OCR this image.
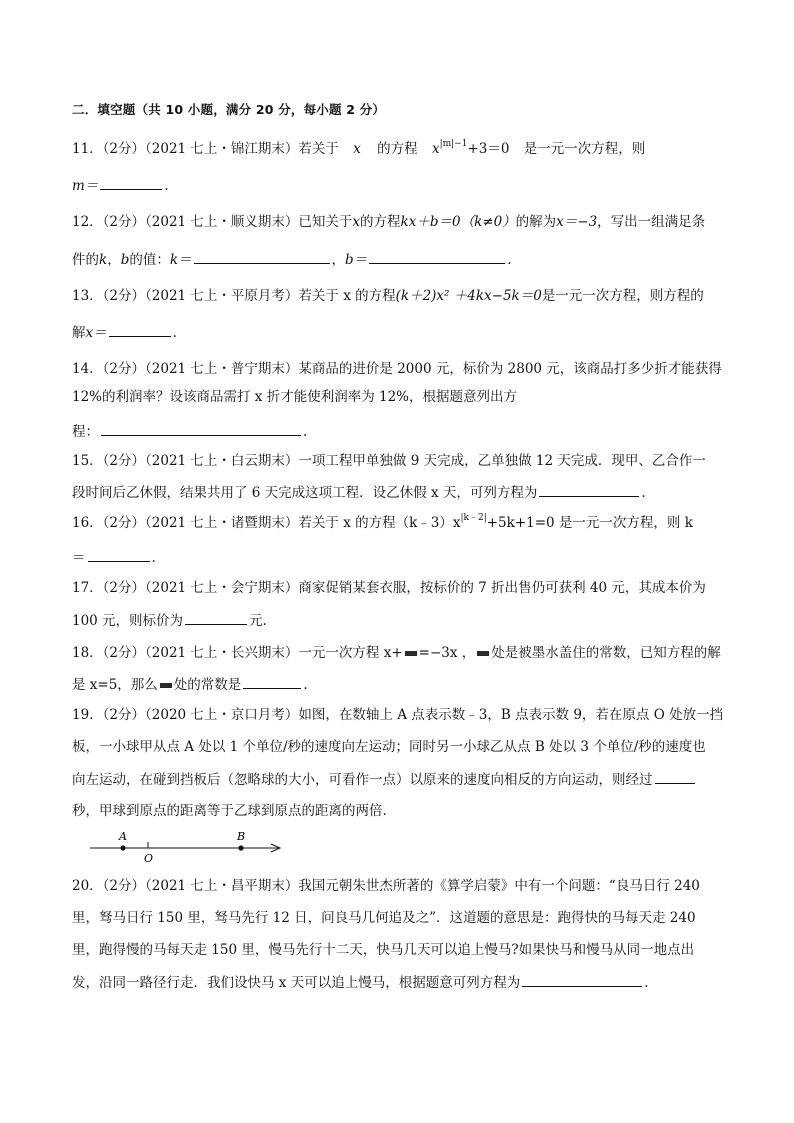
二．填空题（共 10 小题，满分 20 分，每小题 2 分）
11．（2分）（2021 七上・锦江期末）若关于 x 的方程 $x^{|m|-1}+3=0$ 是一元一次方程，则
m＝	.
12．（2分）（2021 七上・顺义期末）已知关于x的方程kx＋b＝0（k≠0）的解为x＝−3，写出一组满足条
件的k，b的值：k＝	，b＝	.
13．（2分）（2021 七上・平原月考）若关于 x 的方程(k＋2)x² ＋4kx−5k＝0是一元一次方程，则方程的
解x＝	.
14．（2分）（2021 七上・普宁期末）某商品的进价是 2000 元，标价为 2800 元，该商品打多少折才能获得
12%的利润率？设该商品需打 x 折才能使利润率为 12%，根据题意列出方
程：	.
15．（2分）（2021 七上・白云期末）一项工程甲单独做 9 天完成，乙单独做 12 天完成．现甲、乙合作一
段时间后乙休假，结果共用了 6 天完成这项工程．设乙休假 x 天，可列方程为	.
16．（2分）（2021 七上・诸暨期末）若关于 x 的方程$(k﹣3)x^{|k﹣2|}+5k+1=0$ 是一元一次方程，则 k
＝	.
17．（2分）（2021 七上・会宁期末）商家促销某套衣服，按标价的 7 折出售仍可获利 40 元，其成本价为
100 元，则标价为	元.
18．（2分）（2021 七上・长兴期末）一元一次方程 x+ =−3x ， 处是被墨水盖住的常数，已知方程的解
是 x=5，那么 处的常数是	.
19．（2分）（2020 七上・京口月考）如图，在数轴上 A 点表示数﹣3，B 点表示数 9，若在原点 O 处放一挡
板，一小球甲从点 A 处以 1 个单位/秒的速度向左运动；同时另一小球乙从点 B 处以 3 个单位/秒的速度也
向左运动，在碰到挡板后（忽略球的大小，可看作一点）以原来的速度向相反的方向运动，则经过
秒，甲球到原点的距离等于乙球到原点的距离的两倍.
A
O
B
20．（2分）（2021 七上・昌平期末）我国元朝朱世杰所著的《算学启蒙》中有一个问题：“良马日行 240
里，驽马日行 150 里，驽马先行 12 日，问良马几何追及之”．这道题的意思是：跑得快的马每天走 240
里，跑得慢的马每天走 150 里，慢马先行十二天，快马几天可以追上慢马?如果快马和慢马从同一地点出
发，沿同一路径行走．我们设快马 x 天可以追上慢马，根据题意可列方程为	.
